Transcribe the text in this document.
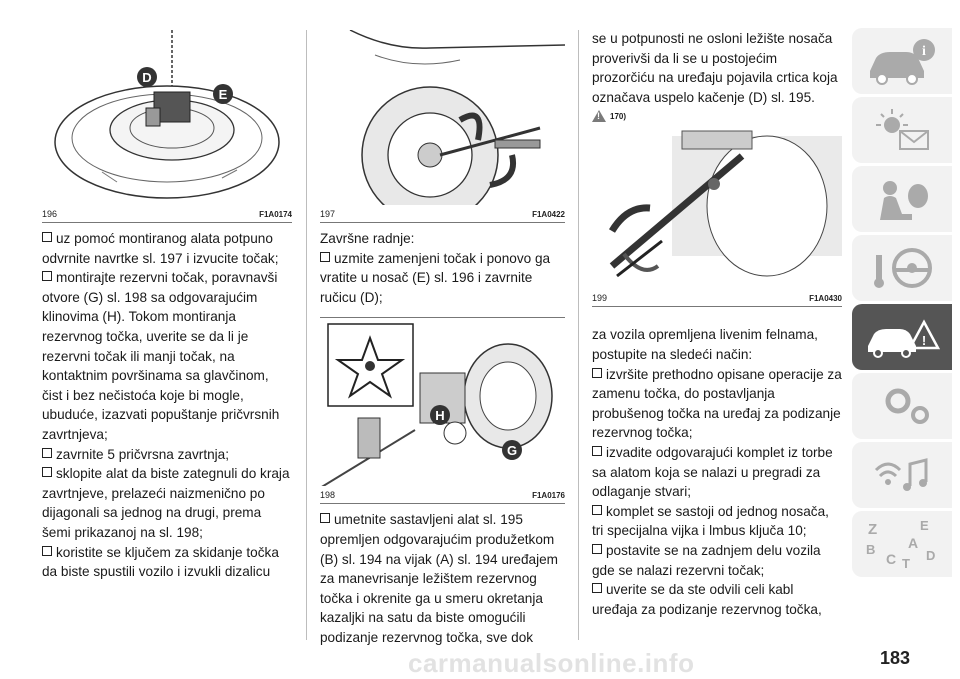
D
E
196	F1A0174

uz pomoć montiranog alata potpuno odvrnite navrtke sl. 197 i izvucite točak;

montirajte rezervni točak, poravnavši otvore (G) sl. 198 sa odgovarajućim klinovima (H). Tokom montiranja rezervnog točka, uverite se da li je rezervni točak ili manji točak, na kontaktnim površinama sa glavčinom, čist i bez nečistoća koje bi mogle, ubuduće, izazvati popuštanje pričvrsnih zavrtnjeva;

zavrnite 5 pričvrsna zavrtnja;

sklopite alat da biste zategnuli do kraja zavrtnjeve, prelazeći naizmenično po dijagonali sa jednog na drugi, prema šemi prikazanoj na sl. 198;

koristite se ključem za skidanje točka da biste spustili vozilo i izvukli dizalicu

197	F1A0422

Završne radnje:

uzmite zamenjeni točak i ponovo ga vratite u nosač (E) sl. 196 i zavrnite ručicu (D);

H
G
198	F1A0176

umetnite sastavljeni alat sl. 195 opremljen odgovarajućim produžetkom (B) sl. 194 na vijak (A) sl. 194 uređajem za manevrisanje ležištem rezervnog točka i okrenite ga u smeru okretanja kazaljki na satu da biste omogućili podizanje rezervnog točka, sve dok

se u potpunosti ne osloni ležište nosača proverivši da li se u postojećim prozorčiću na uređaju pojavila crtica koja označava uspelo kačenje (D) sl. 195.

!
170)
199	F1A0430

za vozila opremljena livenim felnama, postupite na sledeći način:

izvršite prethodno opisane operacije za zamenu točka, do postavljanja probušenog točka na uređaj za podizanje rezervnog točka;

izvadite odgovarajući komplet iz torbe sa alatom koja se nalazi u pregradi za odlaganje stvari;

komplet se sastoji od jednog nosača, tri specijalna vijka i lmbus ključa 10;

postavite se na zadnjem delu vozila gde se nalazi rezervni točak;

uverite se da ste odvili celi kabl uređaja za podizanje rezervnog točka,

i
!
Z	E
A
B
C T
D
183
carmanualsonline.info
